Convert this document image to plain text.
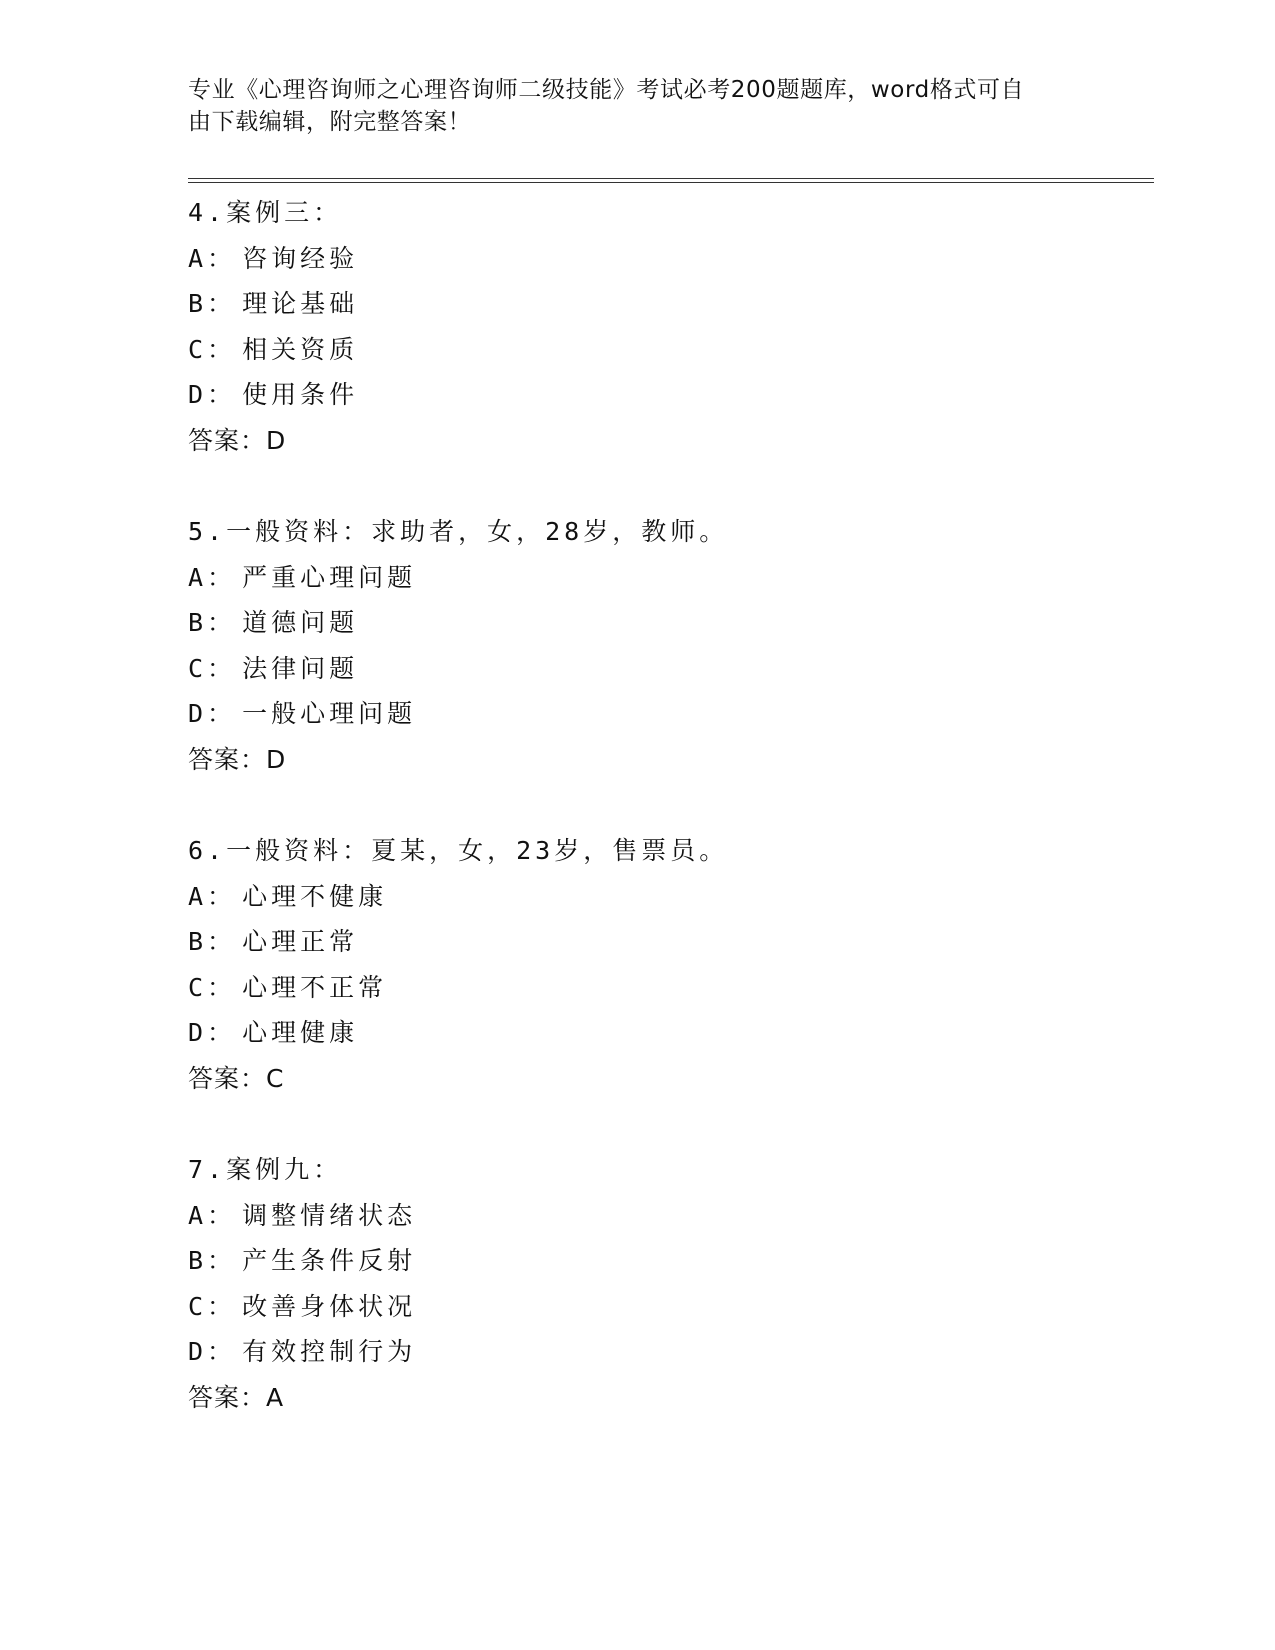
专业《心理咨询师之心理咨询师二级技能》考试必考200题题库，word格式可自
由下载编辑，附完整答案！
4.案例三：
A： 咨询经验
B： 理论基础
C： 相关资质
D： 使用条件
答案：D
5.一般资料：求助者，女，28岁，教师。
A： 严重心理问题
B： 道德问题
C： 法律问题
D： 一般心理问题
答案：D
6.一般资料：夏某，女，23岁，售票员。
A： 心理不健康
B： 心理正常
C： 心理不正常
D： 心理健康
答案：C
7.案例九：
A： 调整情绪状态
B： 产生条件反射
C： 改善身体状况
D： 有效控制行为
答案：A
